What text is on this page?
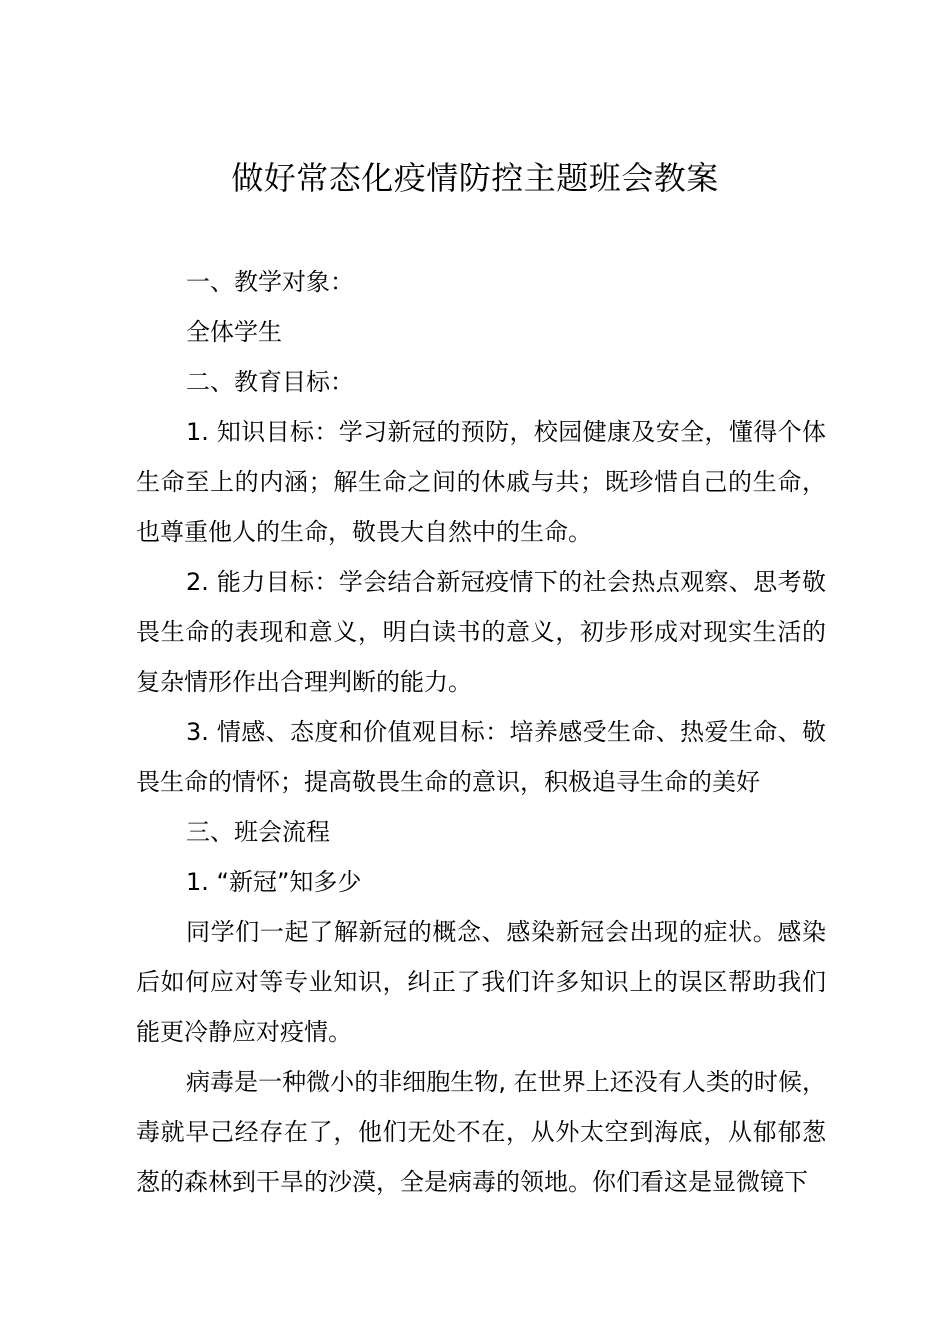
做好常态化疫情防控主题班会教案

一、教学对象：

全体学生

二、教育目标：

1. 知识目标：学习新冠的预防，校园健康及安全，懂得个体生命至上的内涵；解生命之间的休戚与共；既珍惜自己的生命，也尊重他人的生命，敬畏大自然中的生命。

2. 能力目标：学会结合新冠疫情下的社会热点观察、思考敬畏生命的表现和意义，明白读书的意义，初步形成对现实生活的复杂情形作出合理判断的能力。

3. 情感、态度和价值观目标：培养感受生命、热爱生命、敬畏生命的情怀；提高敬畏生命的意识，积极追寻生命的美好

三、班会流程

1. “新冠”知多少

同学们一起了解新冠的概念、感染新冠会出现的症状。感染后如何应对等专业知识，纠正了我们许多知识上的误区帮助我们能更冷静应对疫情。

病毒是一种微小的非细胞生物, 在世界上还没有人类的时候，毒就早己经存在了，他们无处不在，从外太空到海底，从郁郁葱葱的森林到干旱的沙漠，全是病毒的领地。你们看这是显微镜下
